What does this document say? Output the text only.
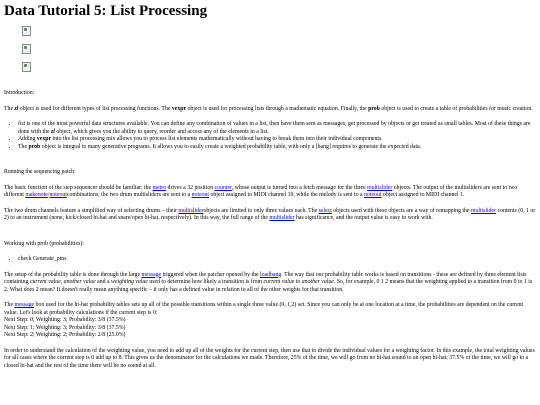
Data Tutorial 5: List Processing

Introduction:

The zl object is used for different types of list processing functions. The vexpr object is used for processing lists through a mathematic equation. Finally, the prob object is used to create a table of probabilities for music creation.

• list is one of the most powerful data structures available. You can define any combination of values in a list, then have them sent as messages, get processed by objects or get treated as small tables. Most of these things are done with the zl object, which gives you the ability to query, reorder and access any of the elements in a list.
• Adding vexpr into the list processing mix allows you to process list elements mathematically without having to break them into their individual components.
• The prob object is integral to many generative programs. It allows you to easily create a weighted probability table, with only a [bang] requires to generate the expected data.

Running the sequencing patch:

The basic function of the step sequencer should be familiar: the metro drives a 32 position counter, whose output is turned into a fetch message for the three multislider objects. The output of the multisliders are sent to two different makenote/noteoutcombinations; the two drum multisliders are sent to a noteout object assigned to MIDI channel 10, while the melody is sent to a noteout object assigned to MIDI channel 1.

The two drum channels feature a simplified way of selecting drums – their multisliderobjects are limited to only three values each. The select objects used with these objects are a way of remapping the multislider contents (0, 1 or 2) to an instrument (none, kick/closed hi-hat and snare/open hi-hat, respectively). In this way, the full range of the multislider has significance, and the output value is easy to work with.

Working with prob (probabilities):

• check Generate_ptns

The setup of the probability table is done through the large message triggered when the patcher opened by the loadbang. The way that our probability table works is based on transitions - these are defined by three element lists containing current value, another value and a weighting value used to determine how likely a transition is from current value to another value. So, for example, 0 1 2 means that the weighting applied to a transition from 0 to 1 is 2. What does 2 mean? It doesn't really mean anything specific – it only has a defined value in relation to all of the other weights for that transition.

The message box used for the hi-hat probability tables sets up all of the possible transitions within a single three value (0, 1,2) set. Since you can only be at one location at a time, the probabilities are dependent on the current value. Let's look at probability calculations if the current step is 0:
Next Step: 0; Weighting: 3; Probability: 3/8 (37.5%)
Next Step: 1; Weighting: 3; Probability: 3/8 (37.5%)
Next Step: 2; Weighting: 2; Probability: 2/8 (25.0%)

In order to understand the calculation of the weighting value, you need to add up all of the weights for the current step, then use that to divide the individual values for a weighting factor. In this example, the total weighting values for all cases where the current step is 0 add up to 8. This gives us the denominator for the calculations we made. Therefore, 25% of the time, we will go from no hi-hat sound to an open hi-hat; 37.5% of the time, we will go to a closed hi-hat and the rest of the time there will be no sound at all.
